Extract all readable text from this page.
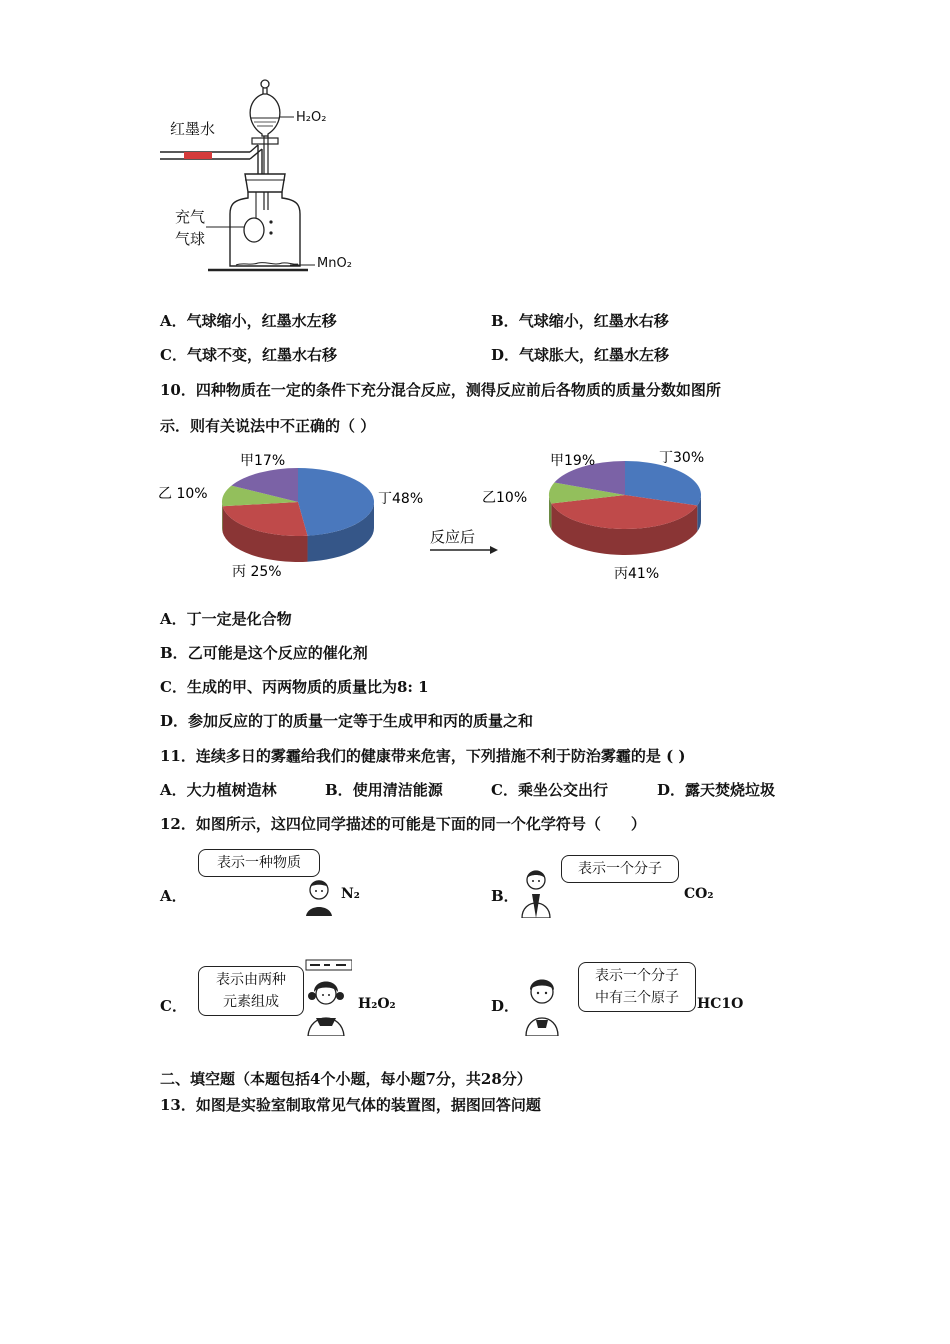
红墨水
H₂O₂
充气
气球
MnO₂
A．气球缩小，红墨水左移	B．气球缩小，红墨水右移
C．气球不变，红墨水右移	D．气球胀大，红墨水左移
10．四种物质在一定的条件下充分混合反应，测得反应前后各物质的质量分数如图所
示．则有关说法中不正确的（ ）
丁48%
丙 25%
乙 10%
甲17%
反应后
丁30%
丙41%
乙10%
甲19%
A．丁一定是化合物
B．乙可能是这个反应的催化剂
C．生成的甲、丙两物质的质量比为8: 1
D．参加反应的丁的质量一定等于生成甲和丙的质量之和
11．连续多日的雾霾给我们的健康带来危害，下列措施不利于防治雾霾的是 ( )
A．大力植树造林	B．使用清洁能源	C．乘坐公交出行	D．露天焚烧垃圾
12．如图所示，这四位同学描述的可能是下面的同一个化学符号（　　）
A．
表示一种物质
N₂	B．
表示一个分子
CO₂
C．
表示由两种
元素组成	H₂O₂	D．
表示一个分子
中有三个原子	HC1O
二、填空题（本题包括4个小题，每小题7分，共28分）
13．如图是实验室制取常见气体的装置图，据图回答问题
